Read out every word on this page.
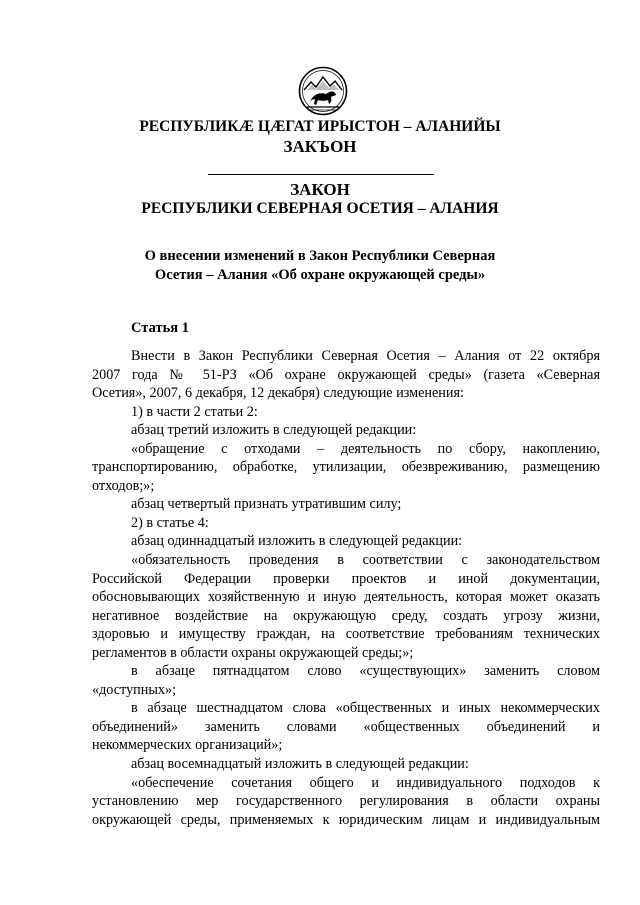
РЕСПУБЛИКӔ ЦӔГАТ ИРЫСТОН – АЛАНИЙЫ
ЗАКЪОН
ЗАКОН
РЕСПУБЛИКИ СЕВЕРНАЯ ОСЕТИЯ – АЛАНИЯ
О внесении изменений в Закон Республики Северная
Осетия – Алания «Об охране окружающей среды»
Статья 1
Внести в Закон Республики Северная Осетия – Алания от 22 октября
2007 года № 51-РЗ «Об охране окружающей среды» (газета «Северная
Осетия», 2007, 6 декабря, 12 декабря) следующие изменения:
1) в части 2 статьи 2:
абзац третий изложить в следующей редакции:
«обращение с отходами – деятельность по сбору, накоплению,
транспортированию, обработке, утилизации, обезвреживанию, размещению
отходов;»;
абзац четвертый признать утратившим силу;
2) в статье 4:
абзац одиннадцатый изложить в следующей редакции:
«обязательность проведения в соответствии с законодательством
Российской Федерации проверки проектов и иной документации,
обосновывающих хозяйственную и иную деятельность, которая может оказать
негативное воздействие на окружающую среду, создать угрозу жизни,
здоровью и имуществу граждан, на соответствие требованиям технических
регламентов в области охраны окружающей среды;»;
в абзаце пятнадцатом слово «существующих» заменить словом
«доступных»;
в абзаце шестнадцатом слова «общественных и иных некоммерческих
объединений» заменить словами «общественных объединений и
некоммерческих организаций»;
абзац восемнадцатый изложить в следующей редакции:
«обеспечение сочетания общего и индивидуального подходов к
установлению мер государственного регулирования в области охраны
окружающей среды, применяемых к юридическим лицам и индивидуальным
